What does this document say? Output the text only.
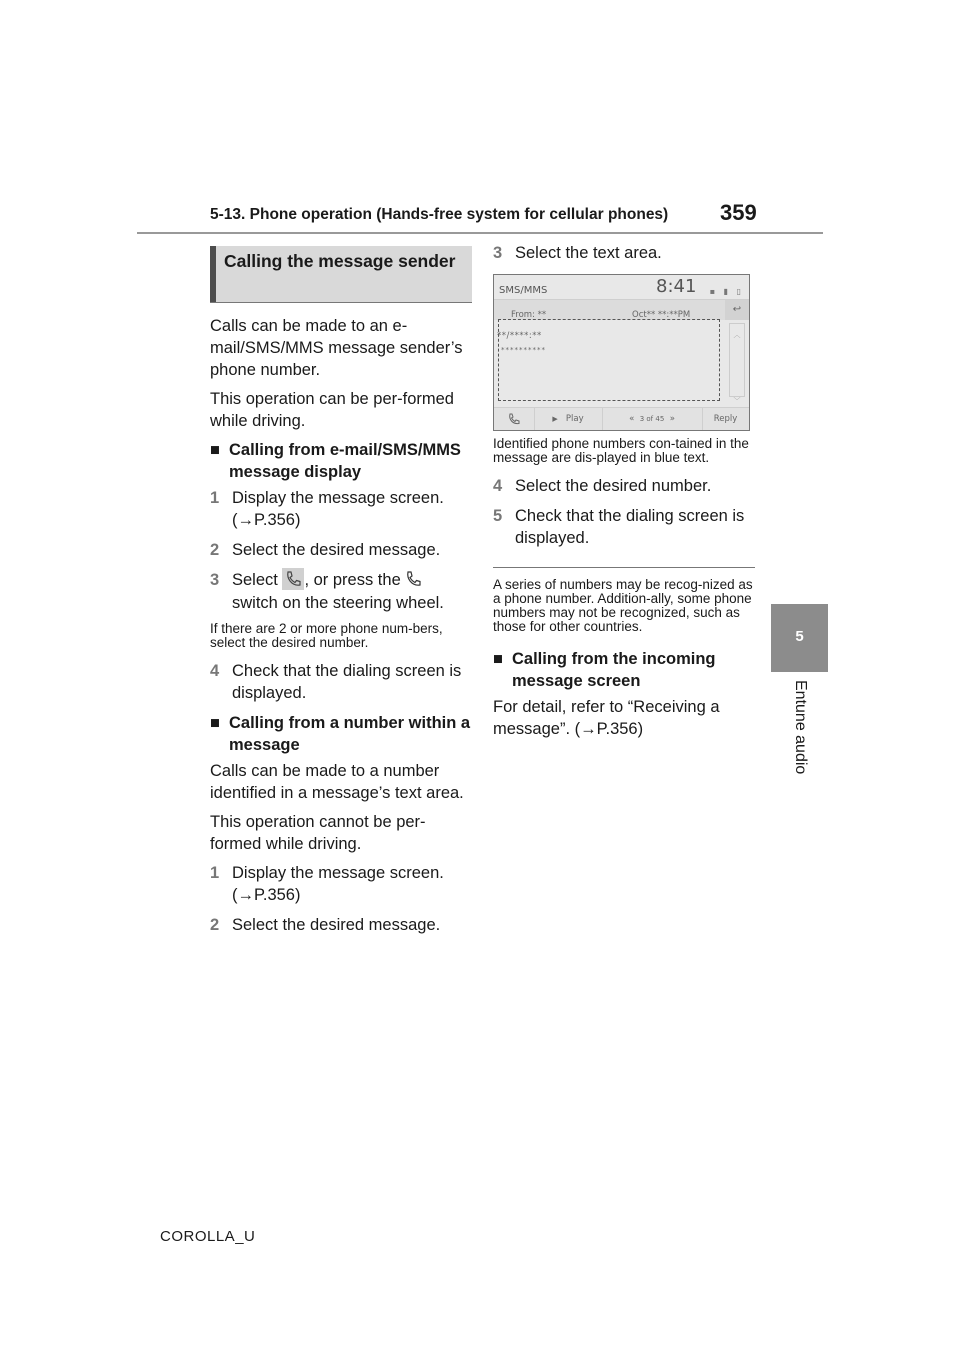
5-13. Phone operation (Hands-free system for cellular phones) 359
5
Entune audio
Calling the message sender

Calls can be made to an e-mail/SMS/MMS message sender’s phone number.

This operation can be per-formed while driving.

■ Calling from e-mail/SMS/MMS message display
1 Display the message screen. (→P.356)
2 Select the desired message.
3 Select , or press the
switch on the steering wheel.

If there are 2 or more phone num-bers, select the desired number.

4 Check that the dialing screen is displayed.
■ Calling from a number within a message

Calls can be made to a number identified in a message’s text area.

This operation cannot be per-formed while driving.

1 Display the message screen. (→P.356)
2 Select the desired message.
3 Select the text area.
SMS/MMS	8:41 ▪ ▮ ▯
From: **	Oct** **:**PM	↩
**/****:**
**********
︿
﹀
▶ Play	« 3 of 45 »	Reply

Identified phone numbers con-tained in the message are dis-played in blue text.

4 Select the desired number.
5 Check that the dialing screen is displayed.

A series of numbers may be recog-nized as a phone number. Addition-ally, some phone numbers may not be recognized, such as those for other countries.

■ Calling from the incoming message screen

For detail, refer to “Receiving a message”. (→P.356)

COROLLA_U
